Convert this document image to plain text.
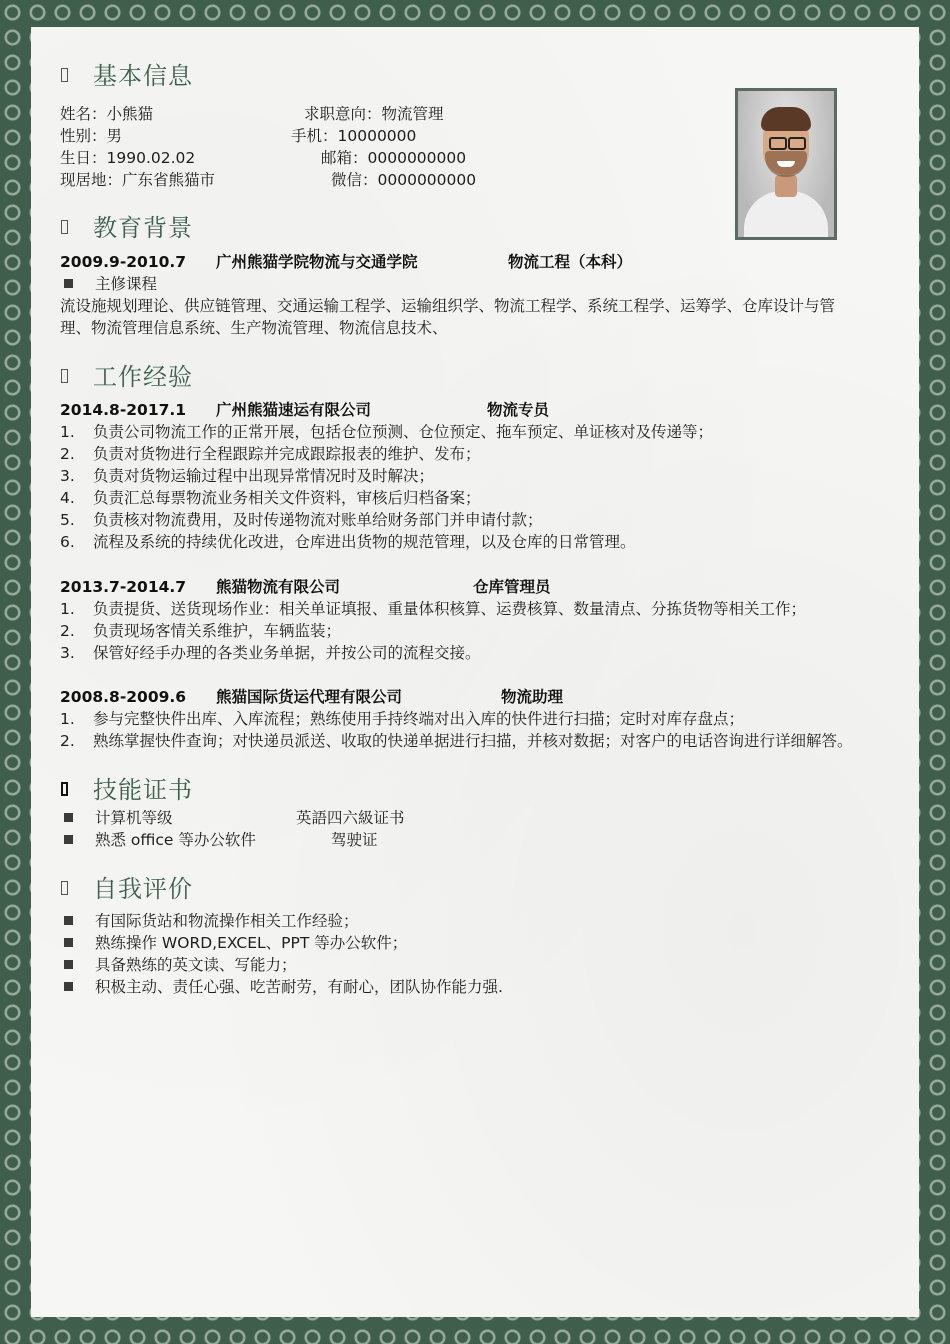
基本信息
姓名：小熊猫	求职意向：物流管理
性别：男	手机：10000000
生日：1990.02.02	邮箱：0000000000
现居地：广东省熊猫市	微信：0000000000
教育背景
2009.9-2010.7 广州熊猫学院物流与交通学院	物流工程（本科）
主修课程
流设施规划理论、供应链管理、交通运输工程学、运输组织学、物流工程学、系统工程学、运筹学、仓库设计与管
理、物流管理信息系统、生产物流管理、物流信息技术、
工作经验
2014.8-2017.1 广州熊猫速运有限公司	物流专员
1. 负责公司物流工作的正常开展，包括仓位预测、仓位预定、拖车预定、单证核对及传递等；
2. 负责对货物进行全程跟踪并完成跟踪报表的维护、发布；
3. 负责对货物运输过程中出现异常情况时及时解决；
4. 负责汇总每票物流业务相关文件资料，审核后归档备案；
5. 负责核对物流费用，及时传递物流对账单给财务部门并申请付款；
6. 流程及系统的持续优化改进，仓库进出货物的规范管理，以及仓库的日常管理。
2013.7-2014.7 熊猫物流有限公司	仓库管理员
1. 负责提货、送货现场作业：相关单证填报、重量体积核算、运费核算、数量清点、分拣货物等相关工作；
2. 负责现场客情关系维护，车辆监装；
3. 保管好经手办理的各类业务单据，并按公司的流程交接。
2008.8-2009.6 熊猫国际货运代理有限公司	物流助理
1. 参与完整快件出库、入库流程；熟练使用手持终端对出入库的快件进行扫描；定时对库存盘点；
2. 熟练掌握快件查询；对快递员派送、收取的快递单据进行扫描，并核对数据；对客户的电话咨询进行详细解答。
技能证书
计算机等级	英語四六級证书
熟悉 office 等办公软件	驾驶证
自我评价
有国际货站和物流操作相关工作经验；
熟练操作 WORD,EXCEL、PPT 等办公软件；
具备熟练的英文读、写能力；
积极主动、责任心强、吃苦耐劳，有耐心，团队协作能力强.
